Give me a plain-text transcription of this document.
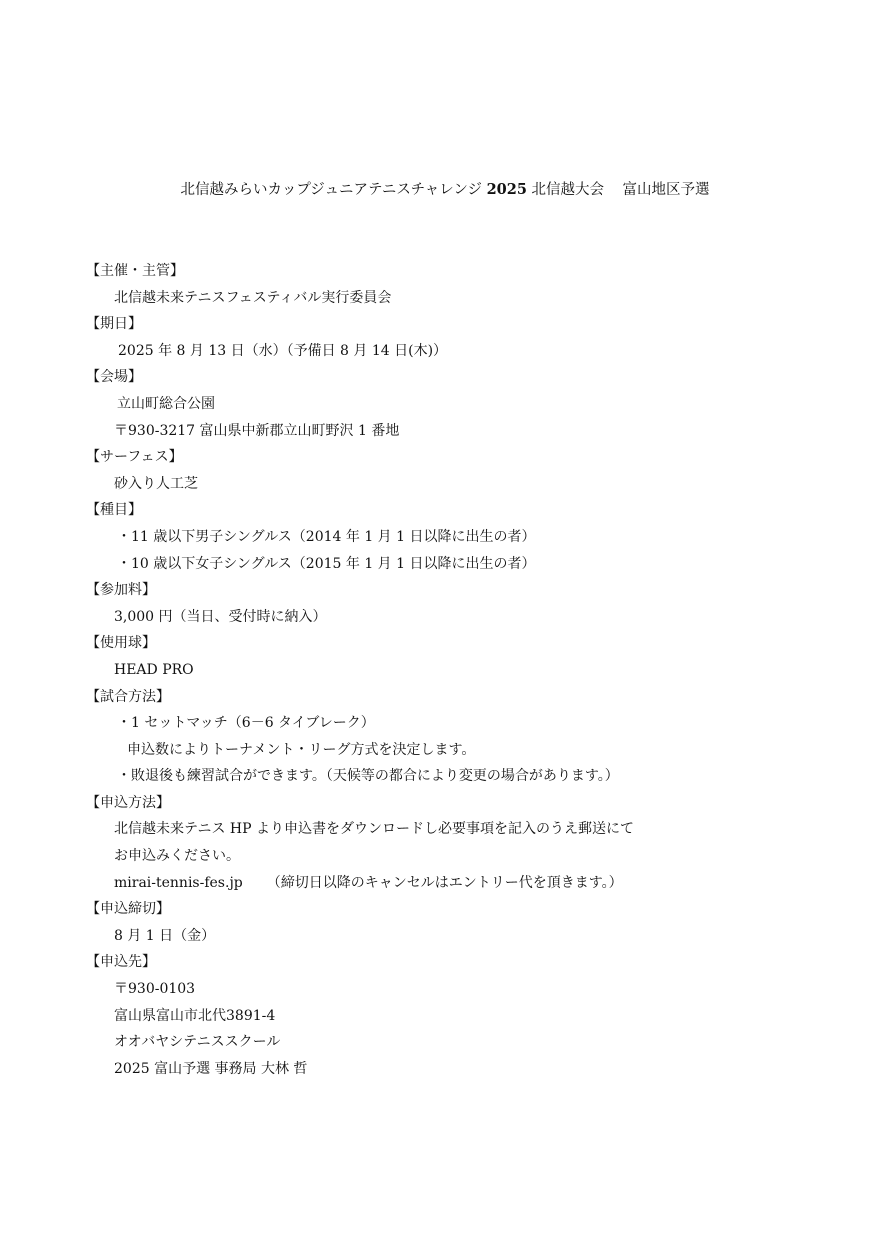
北信越みらいカップジュニアテニスチャレンジ 2025 北信越大会 富山地区予選
【主催・主管】
北信越未来テニスフェスティバル実行委員会
【期日】
2025 年 8 月 13 日（水）（予備日 8 月 14 日(木)）
【会場】
立山町総合公園
〒930-3217 富山県中新郡立山町野沢 1 番地
【サーフェス】
砂入り人工芝
【種目】
・11 歳以下男子シングルス（2014 年 1 月 1 日以降に出生の者）
・10 歳以下女子シングルス（2015 年 1 月 1 日以降に出生の者）
【参加料】
3,000 円（当日、受付時に納入）
【使用球】
HEAD PRO
【試合方法】
・1 セットマッチ（6－6 タイブレーク）
申込数によりトーナメント・リーグ方式を決定します。
・敗退後も練習試合ができます。（天候等の都合により変更の場合があります。）
【申込方法】
北信越未来テニス HP より申込書をダウンロードし必要事項を記入のうえ郵送にて
お申込みください。
mirai-tennis-fes.jp （締切日以降のキャンセルはエントリー代を頂きます。）
【申込締切】
8 月 1 日（金）
【申込先】
〒930-0103
富山県富山市北代3891-4
オオバヤシテニススクール
2025 富山予選 事務局 大林 哲
